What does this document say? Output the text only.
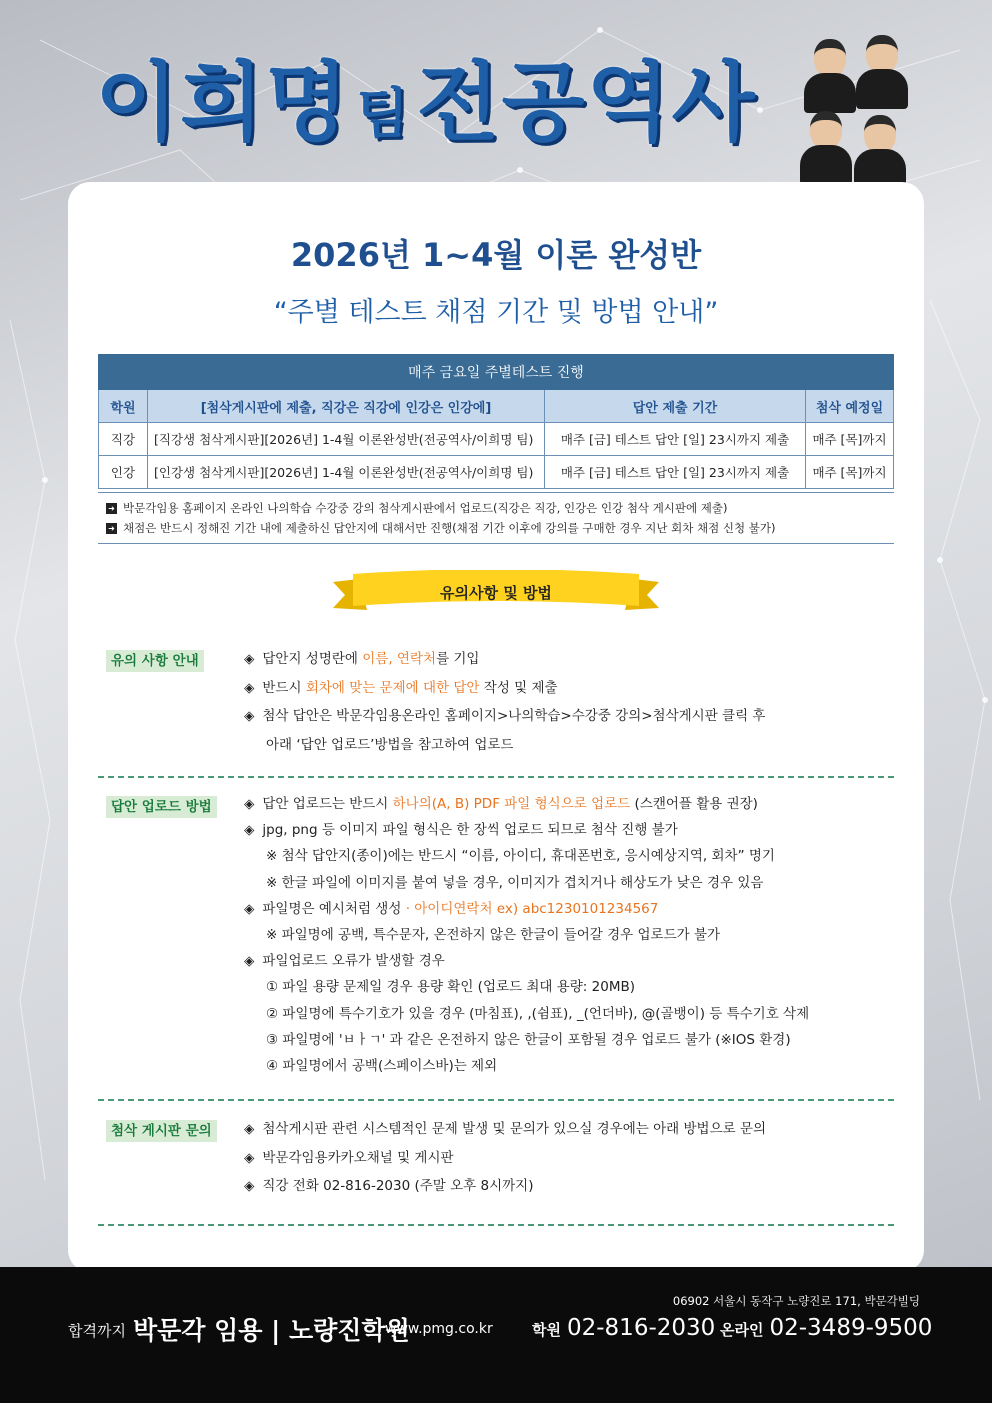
이희명 팀전공역사
2026년 1~4월 이론 완성반
“주별 테스트 채점 기간 및 방법 안내”
매주 금요일 주별테스트 진행			
학원	[첨삭게시판에 제출, 직강은 직강에 인강은 인강에]	답안 제출 기간	첨삭 예정일
직강	[직강생 첨삭게시판][2026년] 1-4월 이론완성반(전공역사/이희명 팀)	매주 [금] 테스트 답안 [일] 23시까지 제출	매주 [목]까지
인강	[인강생 첨삭게시판][2026년] 1-4월 이론완성반(전공역사/이희명 팀)	매주 [금] 테스트 답안 [일] 23시까지 제출	매주 [목]까지
➜ 박문각임용 홈페이지 온라인 나의학습 수강중 강의 첨삭게시판에서 업로드(직강은 직강, 인강은 인강 첨삭 게시판에 제출)
➜ 채점은 반드시 정해진 기간 내에 제출하신 답안지에 대해서만 진행(채점 기간 이후에 강의를 구매한 경우 지난 회차 채점 신청 불가)
유의사항 및 방법
유의 사항 안내	◈ 답안지 성명란에 이름, 연락처를 기입
◈ 반드시 회차에 맞는 문제에 대한 답안 작성 및 제출
◈ 첨삭 답안은 박문각임용온라인 홈페이지>나의학습>수강중 강의>첨삭게시판 클릭 후
아래 ‘답안 업로드’방법을 참고하여 업로드
답안 업로드 방법	◈ 답안 업로드는 반드시 하나의(A, B) PDF 파일 형식으로 업로드 (스캔어플 활용 권장)
◈ jpg, png 등 이미지 파일 형식은 한 장씩 업로드 되므로 첨삭 진행 불가
※ 첨삭 답안지(종이)에는 반드시 “이름, 아이디, 휴대폰번호, 응시예상지역, 회차” 명기
※ 한글 파일에 이미지를 붙여 넣을 경우, 이미지가 겹치거나 해상도가 낮은 경우 있음
◈ 파일명은 예시처럼 생성 · 아이디연락처 ex) abc1230101234567
※ 파일명에 공백, 특수문자, 온전하지 않은 한글이 들어갈 경우 업로드가 불가
◈ 파일업로드 오류가 발생할 경우
① 파일 용량 문제일 경우 용량 확인 (업로드 최대 용량: 20MB)
② 파일명에 특수기호가 있을 경우 (마침표), ,(쉼표), _(언더바), @(골뱅이) 등 특수기호 삭제
③ 파일명에 'ㅂㅏㄱ' 과 같은 온전하지 않은 한글이 포함될 경우 업로드 불가 (※IOS 환경)
④ 파일명에서 공백(스페이스바)는 제외
첨삭 게시판 문의	◈ 첨삭게시판 관련 시스템적인 문제 발생 및 문의가 있으실 경우에는 아래 방법으로 문의
◈ 박문각임용카카오채널 및 게시판
◈ 직강 전화 02-816-2030 (주말 오후 8시까지)
06902 서울시 동작구 노량진로 171, 박문각빌딩
합격까지 박문각 임용 | 노량진학원
www.pmg.co.kr	학원 02-816-2030 온라인 02-3489-9500
